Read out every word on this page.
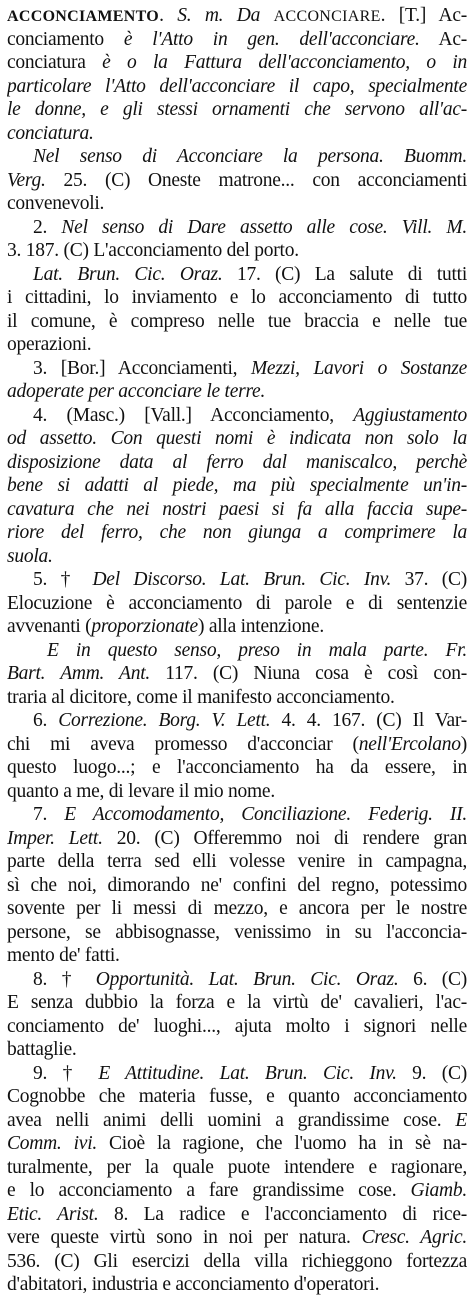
ACCONCIAMENTO. S. m. Da ACCONCIARE. [T.] Ac-
conciamento è l'Atto in gen. dell'acconciare. Ac-
conciatura è o la Fattura dell'acconciamento, o in
particolare l'Atto dell'acconciare il capo, specialmente
le donne, e gli stessi ornamenti che servono all'ac-
conciatura.
Nel senso di Acconciare la persona. Buomm.
Verg. 25. (C) Oneste matrone... con acconciamenti
convenevoli.
2. Nel senso di Dare assetto alle cose. Vill. M.
3. 187. (C) L'acconciamento del porto.
Lat. Brun. Cic. Oraz. 17. (C) La salute di tutti
i cittadini, lo inviamento e lo acconciamento di tutto
il comune, è compreso nelle tue braccia e nelle tue
operazioni.
3. [Bor.] Acconciamenti, Mezzi, Lavori o Sostanze
adoperate per acconciare le terre.
4. (Masc.) [Vall.] Acconciamento, Aggiustamento
od assetto. Con questi nomi è indicata non solo la
disposizione data al ferro dal maniscalco, perchè
bene si adatti al piede, ma più specialmente un'in-
cavatura che nei nostri paesi si fa alla faccia supe-
riore del ferro, che non giunga a comprimere la
suola.
5. † Del Discorso. Lat. Brun. Cic. Inv. 37. (C)
Elocuzione è acconciamento di parole e di sentenzie
avvenanti (proporzionate) alla intenzione.
E in questo senso, preso in mala parte. Fr.
Bart. Amm. Ant. 117. (C) Niuna cosa è così con-
traria al dicitore, come il manifesto acconciamento.
6. Correzione. Borg. V. Lett. 4. 4. 167. (C) Il Var-
chi mi aveva promesso d'acconciar (nell'Ercolano)
questo luogo...; e l'acconciamento ha da essere, in
quanto a me, di levare il mio nome.
7. E Accomodamento, Conciliazione. Federig. II.
Imper. Lett. 20. (C) Offeremmo noi di rendere gran
parte della terra sed elli volesse venire in campagna,
sì che noi, dimorando ne' confini del regno, potessimo
sovente per li messi di mezzo, e ancora per le nostre
persone, se abbisognasse, venissimo in su l'acconcia-
mento de' fatti.
8. † Opportunità. Lat. Brun. Cic. Oraz. 6. (C)
E senza dubbio la forza e la virtù de' cavalieri, l'ac-
conciamento de' luoghi..., ajuta molto i signori nelle
battaglie.
9. † E Attitudine. Lat. Brun. Cic. Inv. 9. (C)
Cognobbe che materia fusse, e quanto acconciamento
avea nelli animi delli uomini a grandissime cose. E
Comm. ivi. Cioè la ragione, che l'uomo ha in sè na-
turalmente, per la quale puote intendere e ragionare,
e lo acconciamento a fare grandissime cose. Giamb.
Etic. Arist. 8. La radice e l'acconciamento di rice-
vere queste virtù sono in noi per natura. Cresc. Agric.
536. (C) Gli esercizi della villa richieggono fortezza
d'abitatori, industria e acconciamento d'operatori.
